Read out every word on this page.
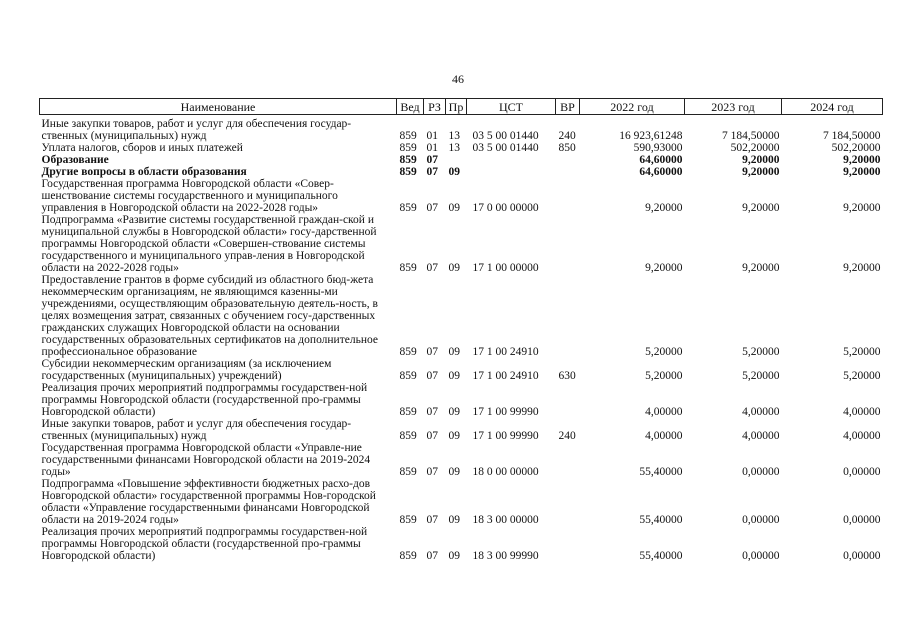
46
Наименование	Вед	РЗ	Пр	ЦСТ	ВР	2022 год	2023 год	2024 год
Иные закупки товаров, работ и услуг для обеспечения государ-ственных (муниципальных) нужд	859	01	13	03 5 00 01440	240	16 923,61248	7 184,50000	7 184,50000
Уплата налогов, сборов и иных платежей	859	01	13	03 5 00 01440	850	590,93000	502,20000	502,20000
Образование	859	07				64,60000	9,20000	9,20000
Другие вопросы в области образования	859	07	09			64,60000	9,20000	9,20000
Государственная программа Новгородской области «Совер-шенствование системы государственного и муниципального управления в Новгородской области на 2022-2028 годы»	859	07	09	17 0 00 00000		9,20000	9,20000	9,20000
Подпрограмма «Развитие системы государственной граждан-ской и муниципальной службы в Новгородской области» госу-дарственной программы Новгородской области «Совершен-ствование системы государственного и муниципального управ-ления в Новгородской области на 2022-2028 годы»	859	07	09	17 1 00 00000		9,20000	9,20000	9,20000
Предоставление грантов в форме субсидий из областного бюд-жета некоммерческим организациям, не являющимся казенны-ми учреждениями, осуществляющим образовательную деятель-ность, в целях возмещения затрат, связанных с обучением госу-дарственных гражданских служащих Новгородской области на основании государственных образовательных сертификатов на дополнительное профессиональное образование	859	07	09	17 1 00 24910		5,20000	5,20000	5,20000
Субсидии некоммерческим организациям (за исключением государственных (муниципальных) учреждений)	859	07	09	17 1 00 24910	630	5,20000	5,20000	5,20000
Реализация прочих мероприятий подпрограммы государствен-ной программы Новгородской области (государственной про-граммы Новгородской области)	859	07	09	17 1 00 99990		4,00000	4,00000	4,00000
Иные закупки товаров, работ и услуг для обеспечения государ-ственных (муниципальных) нужд	859	07	09	17 1 00 99990	240	4,00000	4,00000	4,00000
Государственная программа Новгородской области «Управле-ние государственными финансами Новгородской области на 2019-2024 годы»	859	07	09	18 0 00 00000		55,40000	0,00000	0,00000
Подпрограмма «Повышение эффективности бюджетных расхо-дов Новгородской области» государственной программы Нов-городской области «Управление государственными финансами Новгородской области на 2019-2024 годы»	859	07	09	18 3 00 00000		55,40000	0,00000	0,00000
Реализация прочих мероприятий подпрограммы государствен-ной программы Новгородской области (государственной про-граммы Новгородской области)	859	07	09	18 3 00 99990		55,40000	0,00000	0,00000
